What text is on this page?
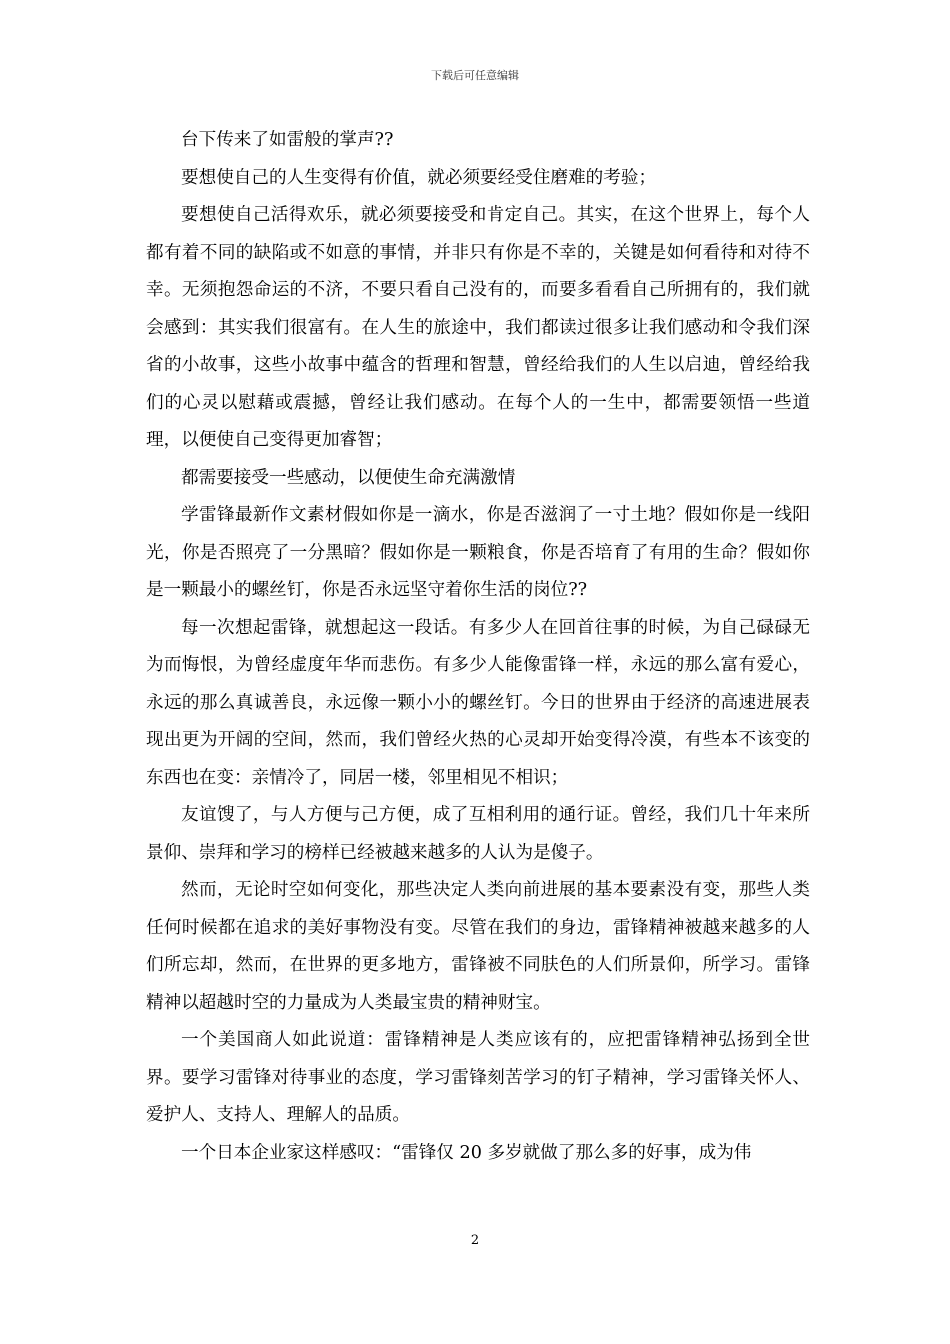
下载后可任意编辑

台下传来了如雷般的掌声??

要想使自己的人生变得有价值，就必须要经受住磨难的考验；

要想使自己活得欢乐，就必须要接受和肯定自己。其实，在这个世界上，每个人都有着不同的缺陷或不如意的事情，并非只有你是不幸的，关键是如何看待和对待不幸。无须抱怨命运的不济，不要只看自己没有的，而要多看看自己所拥有的，我们就会感到：其实我们很富有。在人生的旅途中，我们都读过很多让我们感动和令我们深省的小故事，这些小故事中蕴含的哲理和智慧，曾经给我们的人生以启迪，曾经给我们的心灵以慰藉或震撼，曾经让我们感动。在每个人的一生中，都需要领悟一些道理，以便使自己变得更加睿智；

都需要接受一些感动，以便使生命充满激情

学雷锋最新作文素材假如你是一滴水，你是否滋润了一寸土地？假如你是一线阳光，你是否照亮了一分黑暗？假如你是一颗粮食，你是否培育了有用的生命？假如你是一颗最小的螺丝钉，你是否永远坚守着你生活的岗位??

每一次想起雷锋，就想起这一段话。有多少人在回首往事的时候，为自己碌碌无为而悔恨，为曾经虚度年华而悲伤。有多少人能像雷锋一样，永远的那么富有爱心，永远的那么真诚善良，永远像一颗小小的螺丝钉。今日的世界由于经济的高速进展表现出更为开阔的空间，然而，我们曾经火热的心灵却开始变得冷漠，有些本不该变的东西也在变：亲情冷了，同居一楼，邻里相见不相识；

友谊馊了，与人方便与己方便，成了互相利用的通行证。曾经，我们几十年来所景仰、崇拜和学习的榜样已经被越来越多的人认为是傻子。

然而，无论时空如何变化，那些决定人类向前进展的基本要素没有变，那些人类任何时候都在追求的美好事物没有变。尽管在我们的身边，雷锋精神被越来越多的人们所忘却，然而，在世界的更多地方，雷锋被不同肤色的人们所景仰，所学习。雷锋精神以超越时空的力量成为人类最宝贵的精神财宝。

一个美国商人如此说道：雷锋精神是人类应该有的，应把雷锋精神弘扬到全世界。要学习雷锋对待事业的态度，学习雷锋刻苦学习的钉子精神，学习雷锋关怀人、爱护人、支持人、理解人的品质。

一个日本企业家这样感叹：“雷锋仅 20 多岁就做了那么多的好事，成为伟

2
